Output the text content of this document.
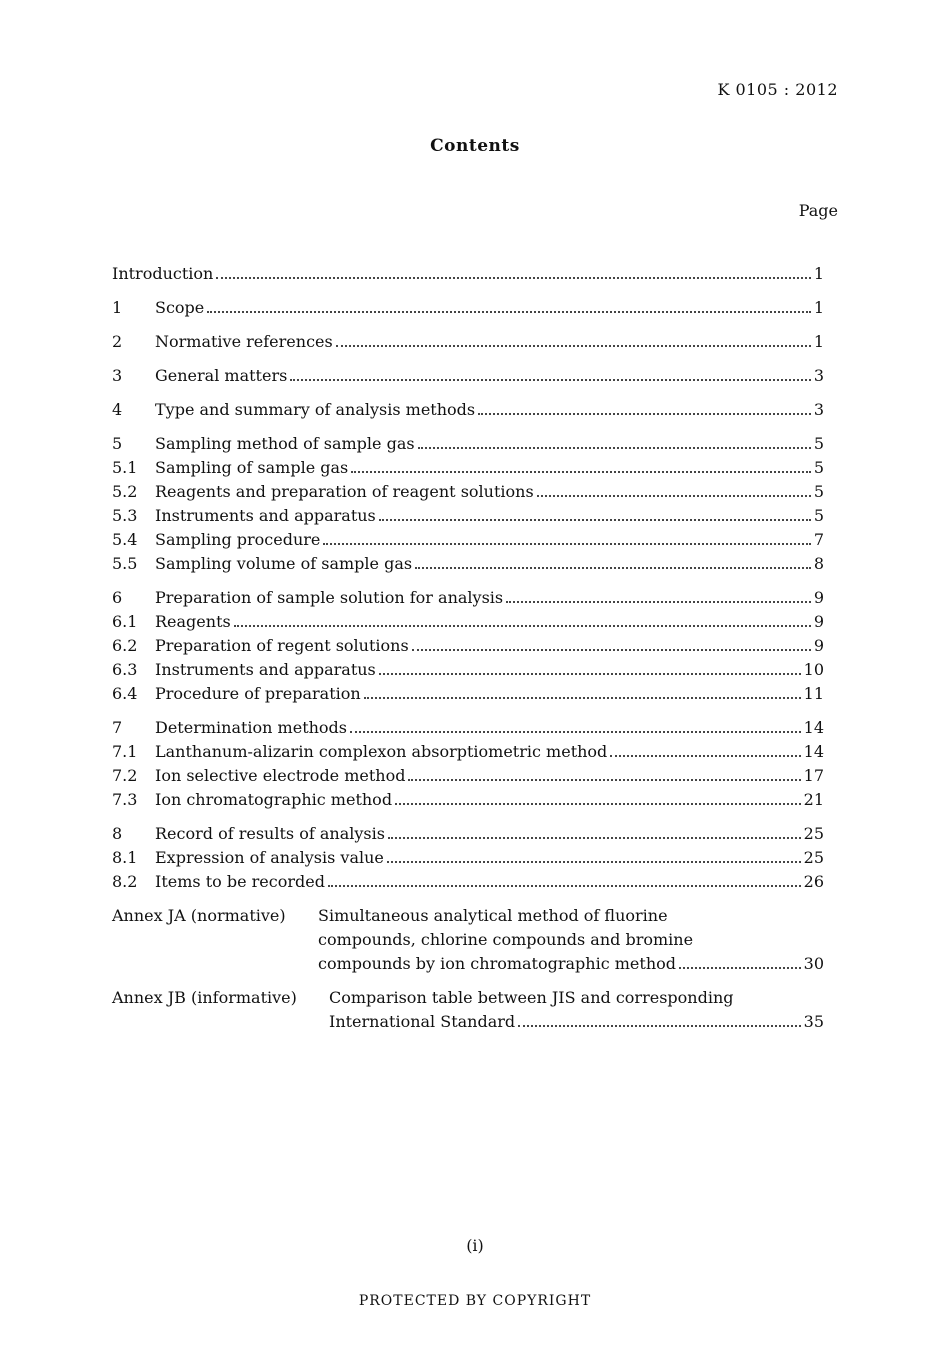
K 0105 : 2012
Contents
Page
Introduction	1
1	Scope	1
2	Normative references	1
3	General matters	3
4	Type and summary of analysis methods	3
5	Sampling method of sample gas	5
5.1	Sampling of sample gas	5
5.2	Reagents and preparation of reagent solutions	5
5.3	Instruments and apparatus	5
5.4	Sampling procedure	7
5.5	Sampling volume of sample gas	8
6	Preparation of sample solution for analysis	9
6.1	Reagents	9
6.2	Preparation of regent solutions	9
6.3	Instruments and apparatus	10
6.4	Procedure of preparation	11
7	Determination methods	14
7.1	Lanthanum-alizarin complexon absorptiometric method	14
7.2	Ion selective electrode method	17
7.3	Ion chromatographic method	21
8	Record of results of analysis	25
8.1	Expression of analysis value	25
8.2	Items to be recorded	26
Annex JA (normative)	Simultaneous analytical method of fluorine
compounds, chlorine compounds and bromine
compounds by ion chromatographic method	30
Annex JB (informative)	Comparison table between JIS and corresponding
International Standard	35
(i)
PROTECTED BY COPYRIGHT
